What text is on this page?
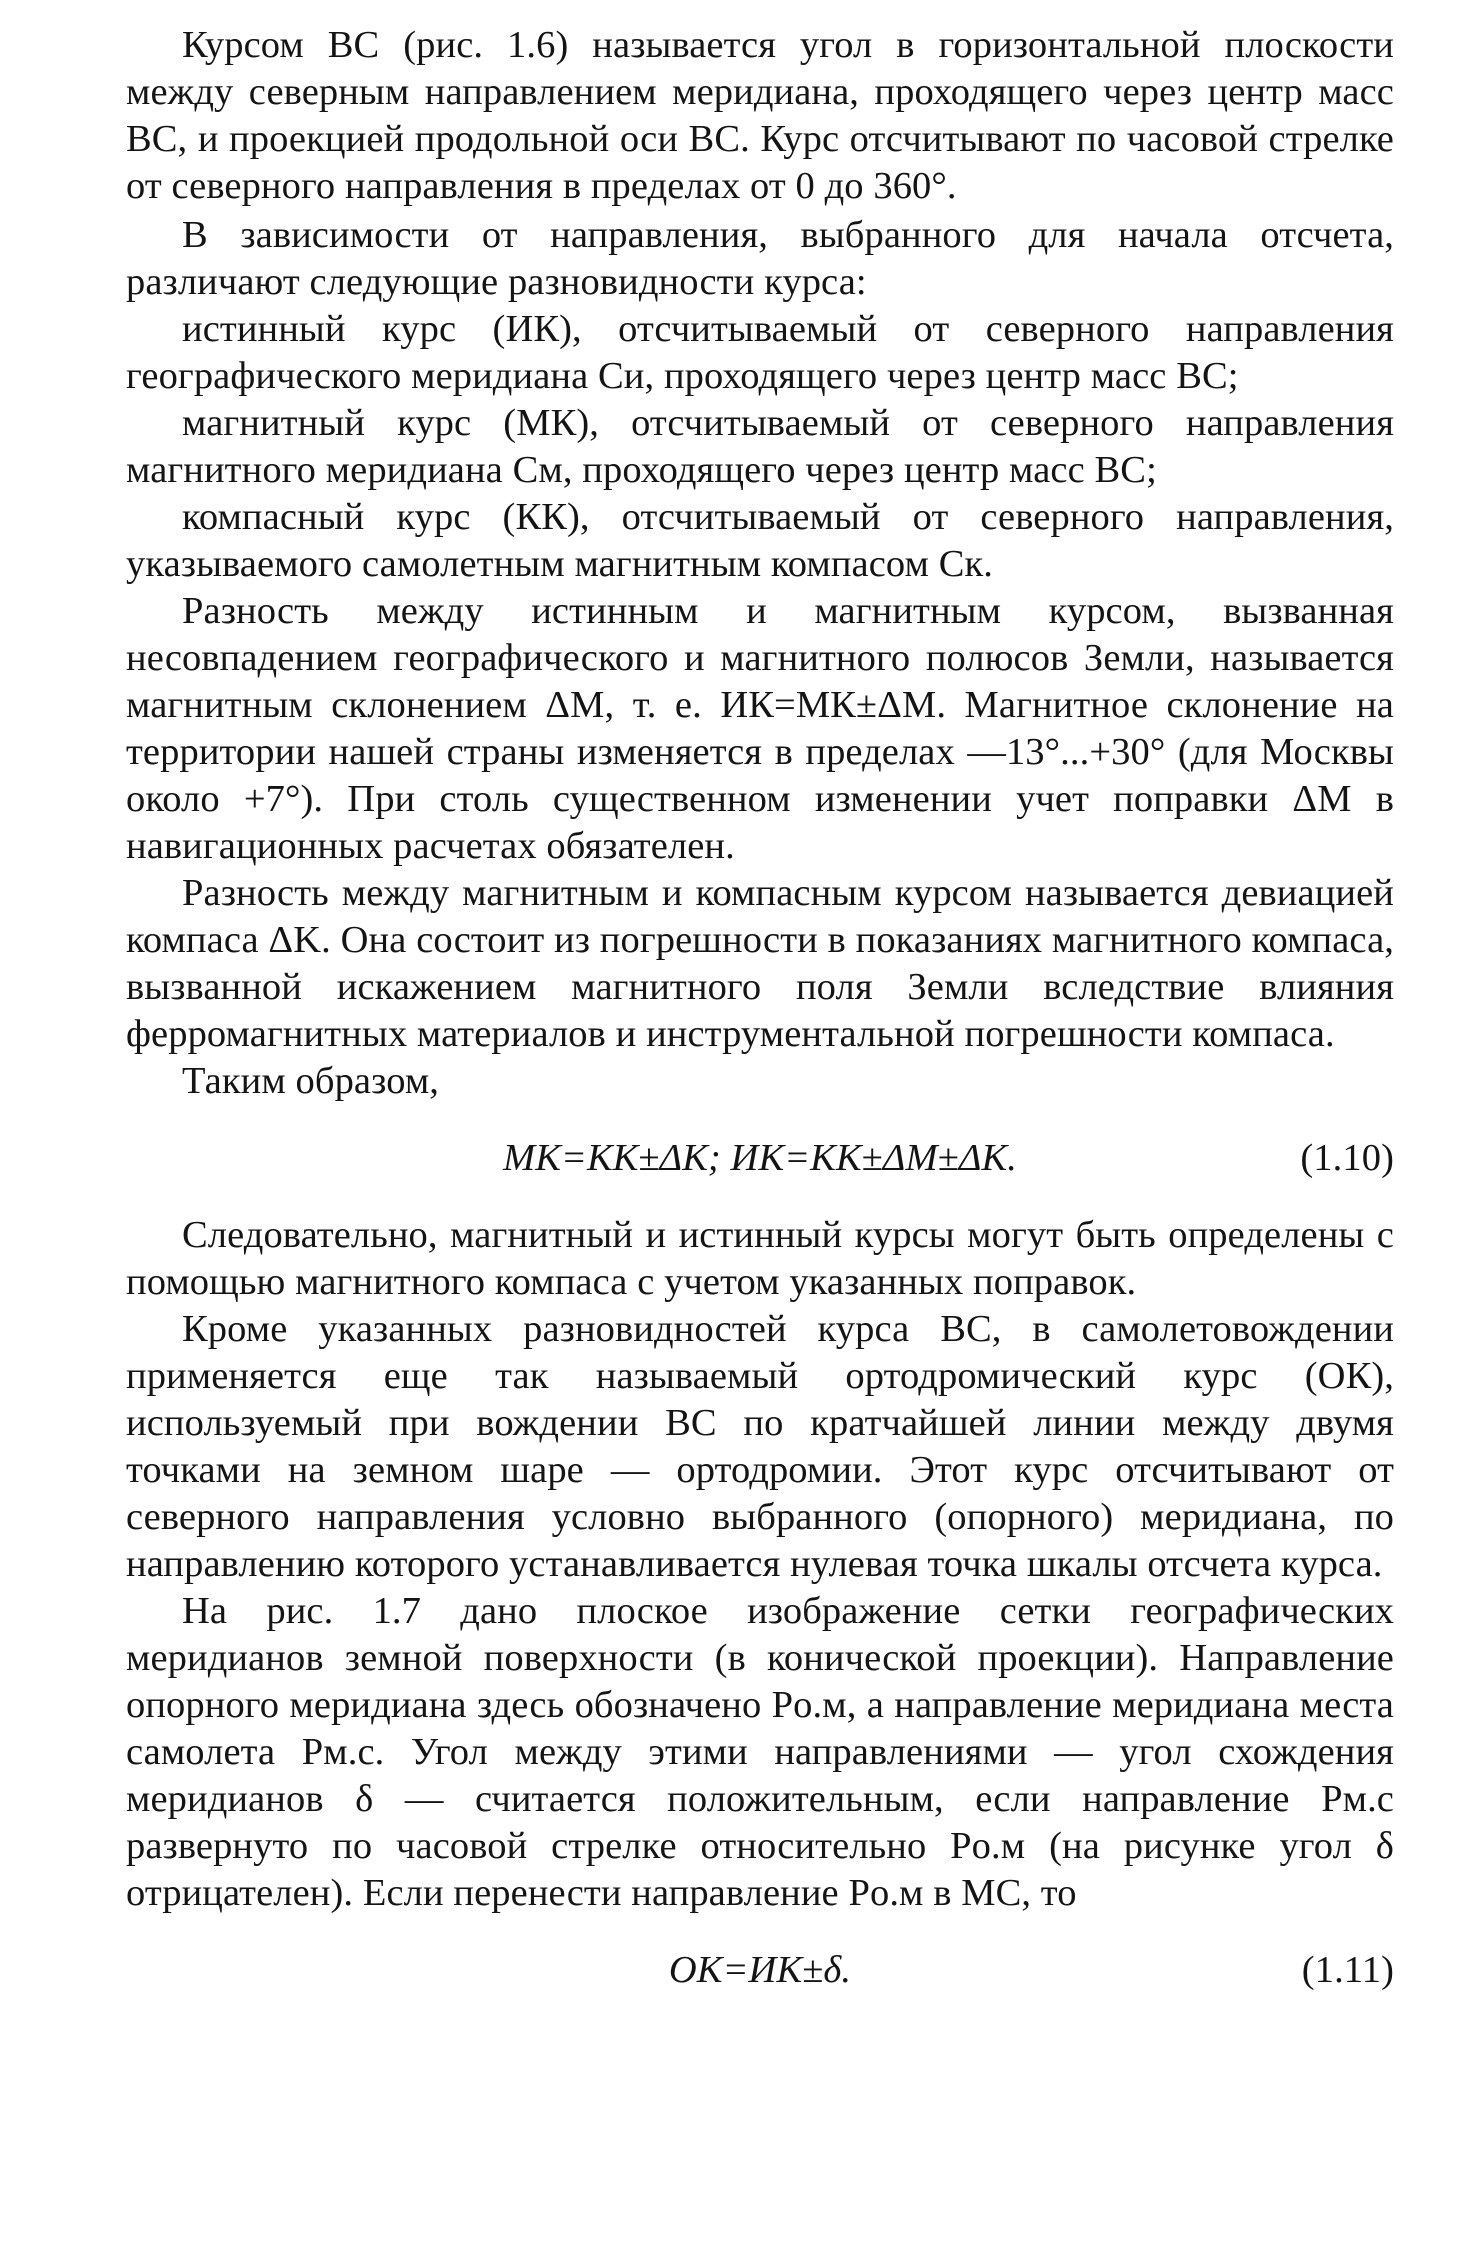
Курсом ВС (рис. 1.6) называется угол в горизонтальной плоскости между северным направлением меридиана, проходящего через центр масс ВС, и проекцией продольной оси ВС. Курс отсчитывают по часовой стрелке от северного направления в пределах от 0 до 360°.

В зависимости от направления, выбранного для начала отсчета, различают следующие разновидности курса:

истинный курс (ИК), отсчитываемый от северного направления географического меридиана Cи, проходящего через центр масс ВС;

магнитный курс (МК), отсчитываемый от северного направления магнитного меридиана Cм, проходящего через центр масс ВС;

компасный курс (КК), отсчитываемый от северного направления, указываемого самолетным магнитным компасом Cк.

Разность между истинным и магнитным курсом, вызванная несовпадением географического и магнитного полюсов Земли, называется магнитным склонением ΔM, т. е. ИК=МК±ΔМ. Магнитное склонение на территории нашей страны изменяется в пределах —13°...+30° (для Москвы около +7°). При столь существенном изменении учет поправки ΔМ в навигационных расчетах обязателен.

Разность между магнитным и компасным курсом называется девиацией компаса ΔK. Она состоит из погрешности в показаниях магнитного компаса, вызванной искажением магнитного поля Земли вследствие влияния ферромагнитных материалов и инструментальной погрешности компаса.

Таким образом,

МК=КК±ΔК; ИК=КК±ΔМ±ΔК.	(1.10)

Следовательно, магнитный и истинный курсы могут быть определены с помощью магнитного компаса с учетом указанных поправок.

Кроме указанных разновидностей курса ВС, в самолетовождении применяется еще так называемый ортодромический курс (ОК), используемый при вождении ВС по кратчайшей линии между двумя точками на земном шаре — ортодромии. Этот курс отсчитывают от северного направления условно выбранного (опорного) меридиана, по направлению которого устанавливается нулевая точка шкалы отсчета курса.

На рис. 1.7 дано плоское изображение сетки географических меридианов земной поверхности (в конической проекции). Направление опорного меридиана здесь обозначено Pо.м, а направление меридиана места самолета Pм.с. Угол между этими направлениями — угол схождения меридианов δ — считается положительным, если направление Pм.с развернуто по часовой стрелке относительно Pо.м (на рисунке угол δ отрицателен). Если перенести направление Pо.м в МС, то

ОК=ИК±δ.	(1.11)
